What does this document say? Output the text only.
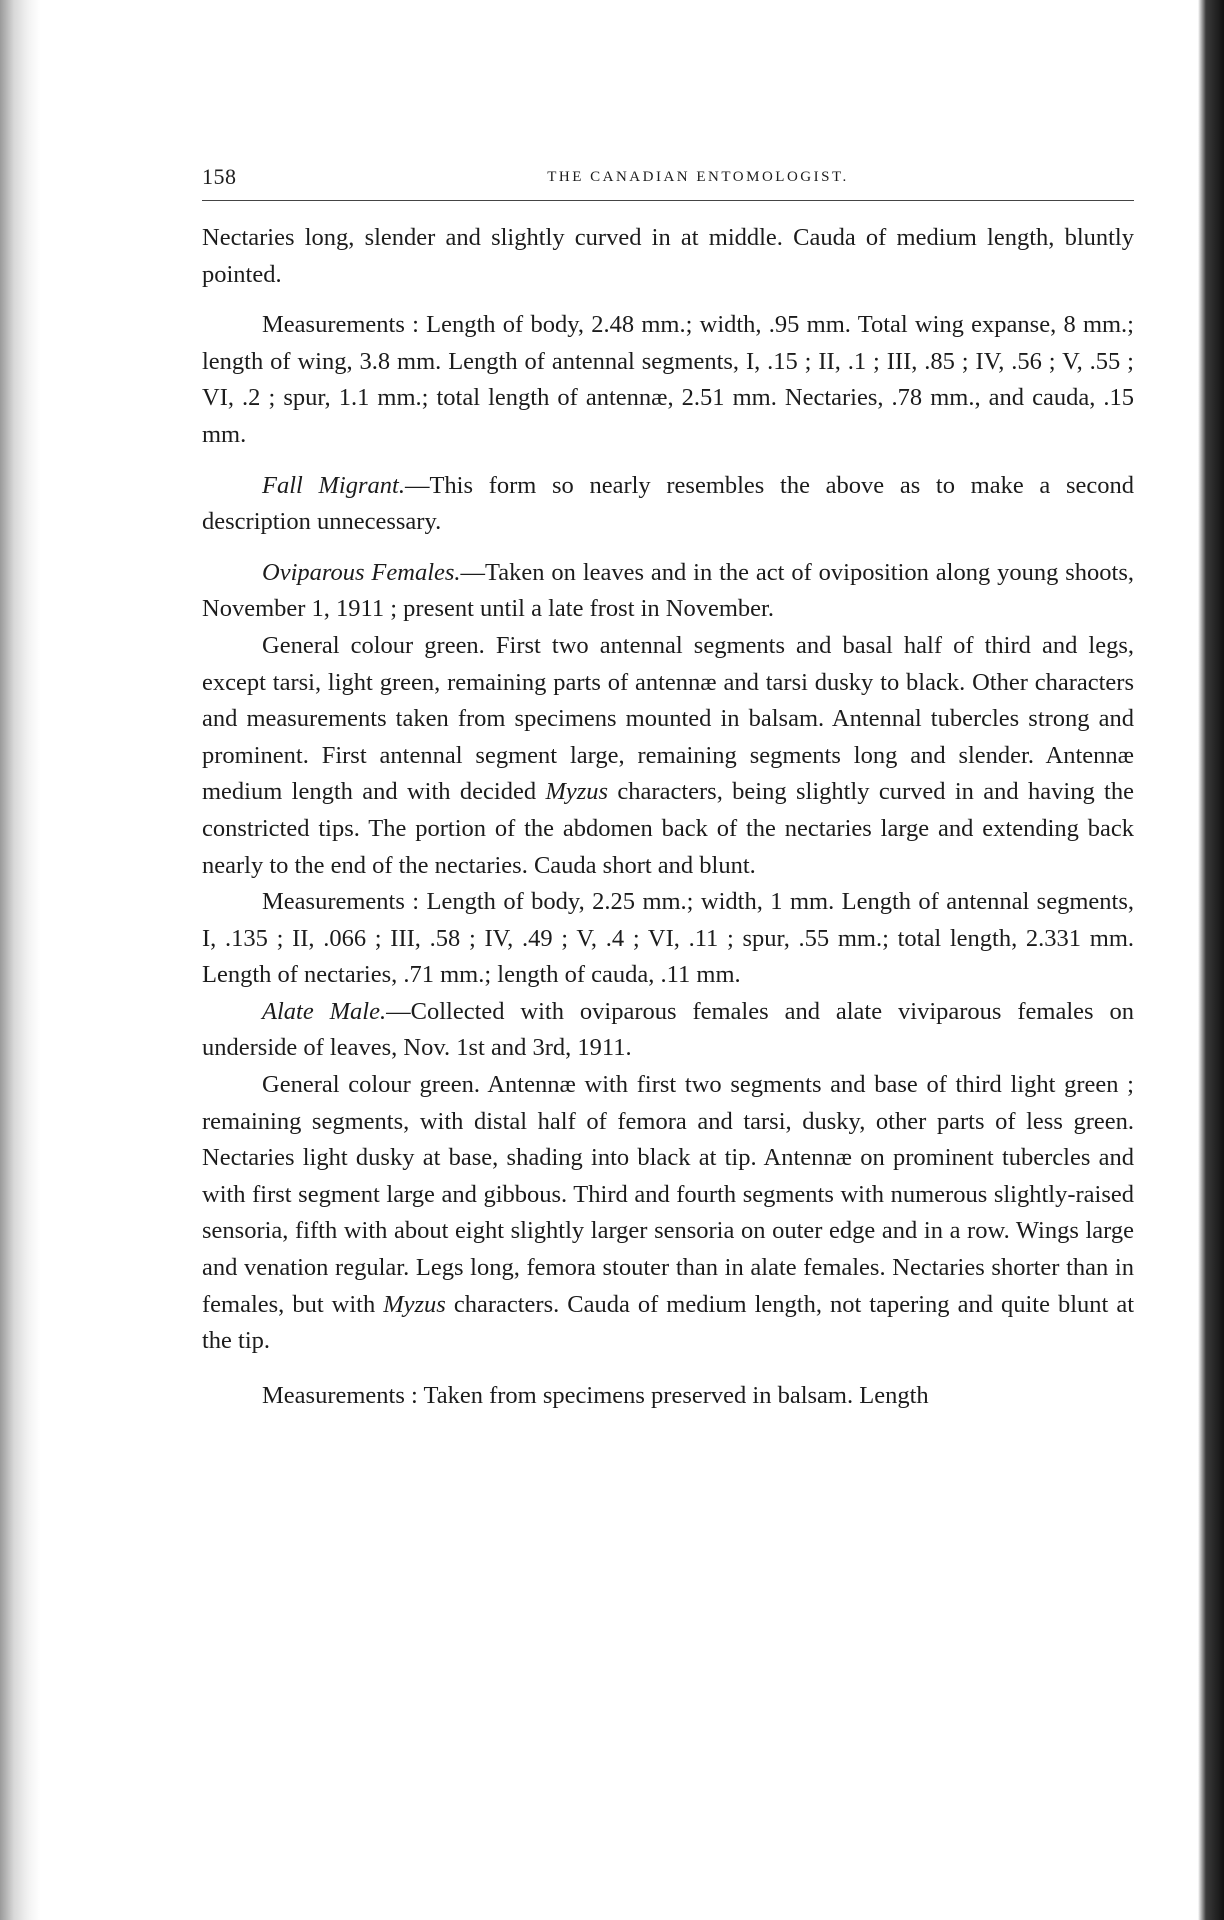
158	THE CANADIAN ENTOMOLOGIST.

Nectaries long, slender and slightly curved in at middle. Cauda of medium length, bluntly pointed.

Measurements : Length of body, 2.48 mm.; width, .95 mm. Total wing expanse, 8 mm.; length of wing, 3.8 mm. Length of antennal segments, I, .15 ; II, .1 ; III, .85 ; IV, .56 ; V, .55 ; VI, .2 ; spur, 1.1 mm.; total length of antennæ, 2.51 mm. Nectaries, .78 mm., and cauda, .15 mm.

Fall Migrant.—This form so nearly resembles the above as to make a second description unnecessary.

Oviparous Females.—Taken on leaves and in the act of oviposition along young shoots, November 1, 1911 ; present until a late frost in November.

General colour green. First two antennal segments and basal half of third and legs, except tarsi, light green, remaining parts of antennæ and tarsi dusky to black. Other characters and measurements taken from specimens mounted in balsam. Antennal tubercles strong and prominent. First antennal segment large, remaining segments long and slender. Antennæ medium length and with decided Myzus characters, being slightly curved in and having the constricted tips. The portion of the abdomen back of the nectaries large and extending back nearly to the end of the nectaries. Cauda short and blunt.

Measurements : Length of body, 2.25 mm.; width, 1 mm. Length of antennal segments, I, .135 ; II, .066 ; III, .58 ; IV, .49 ; V, .4 ; VI, .11 ; spur, .55 mm.; total length, 2.331 mm. Length of nectaries, .71 mm.; length of cauda, .11 mm.

Alate Male.—Collected with oviparous females and alate viviparous females on underside of leaves, Nov. 1st and 3rd, 1911.

General colour green. Antennæ with first two segments and base of third light green ; remaining segments, with distal half of femora and tarsi, dusky, other parts of less green. Nectaries light dusky at base, shading into black at tip. Antennæ on prominent tubercles and with first segment large and gibbous. Third and fourth segments with numerous slightly-raised sensoria, fifth with about eight slightly larger sensoria on outer edge and in a row. Wings large and venation regular. Legs long, femora stouter than in alate females. Nectaries shorter than in females, but with Myzus characters. Cauda of medium length, not tapering and quite blunt at the tip.

Measurements : Taken from specimens preserved in balsam. Length
